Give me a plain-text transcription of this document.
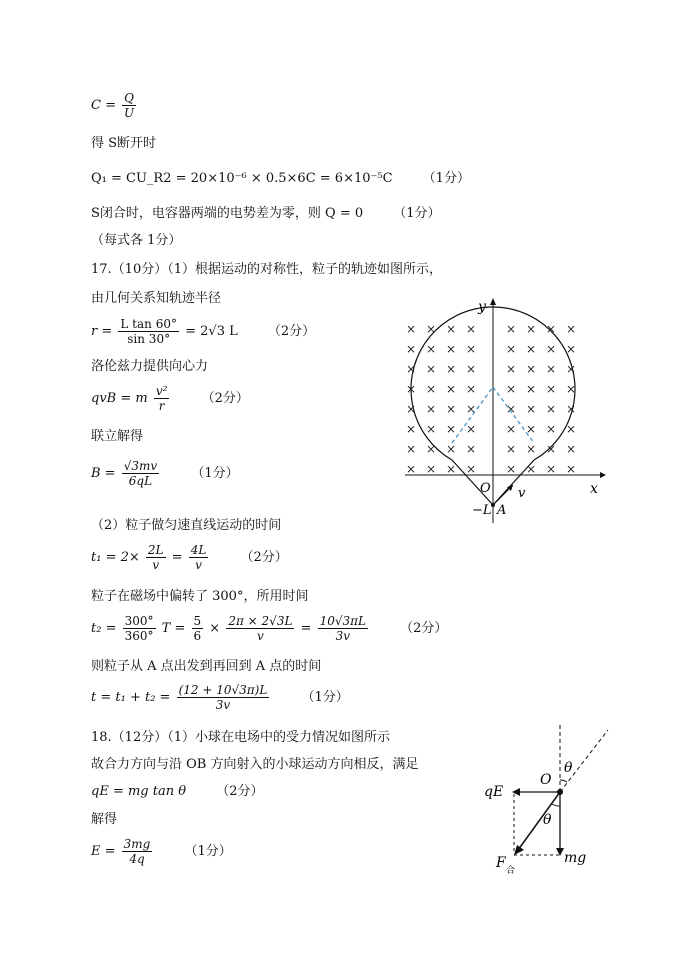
$C = \frac{Q}{U}$
得 S断开时
Q₁ = CU_R2 = 20×10⁻⁶ × 0.5×6C = 6×10⁻⁵C （1分）
S闭合时，电容器两端的电势差为零，则 Q = 0 （1分）
（每式各 1分）
17.（10分）（1）根据运动的对称性，粒子的轨迹如图所示，
由几何关系知轨迹半径
$r = \frac{\text{L tan 60°}}{\sin 30^\circ} = 2√3$ L （2分）
洛伦兹力提供向心力
qvB = m $\frac{\text{v²}}{r} (2$分）
联立解得
$B = \frac{√3mv}{6qL} (1$分）
（2）粒子做匀速直线运动的时间
$t_1 = 2\times \frac{2L}{v} = \frac{4L}{v} (2$分）
粒子在磁场中偏转了 300°，所用时间
$t_2 = \frac{300^\circ}{360^\circ}$ $T = \frac{5}{6} \times \frac{2\pi \times 2√3L}{v} = \frac{10√3\pi L}{3v} (2$分）
则粒子从 A 点出发到再回到 A 点的时间
$t = t_1 + t_2 = \frac{(12 + 10√3\pi)L}{3v} (1$分）
18.（12分）（1）小球在电场中的受力情况如图所示
故合力方向与沿 OB 方向射入的小球运动方向相反，满足
qE = mg tan θ （2分）
解得
$E = \frac{3mg}{4q} (1$分）
× × × × × × × ×
× × × × × × × ×
× × × × × × × ×
× × × × × × × ×
× × × × × × × ×
× × × × × × × ×
× × × × × × × ×
× × × × × × × ×
y
x
O
−L A
v
O
θ
θ
qE
mg
F 合
